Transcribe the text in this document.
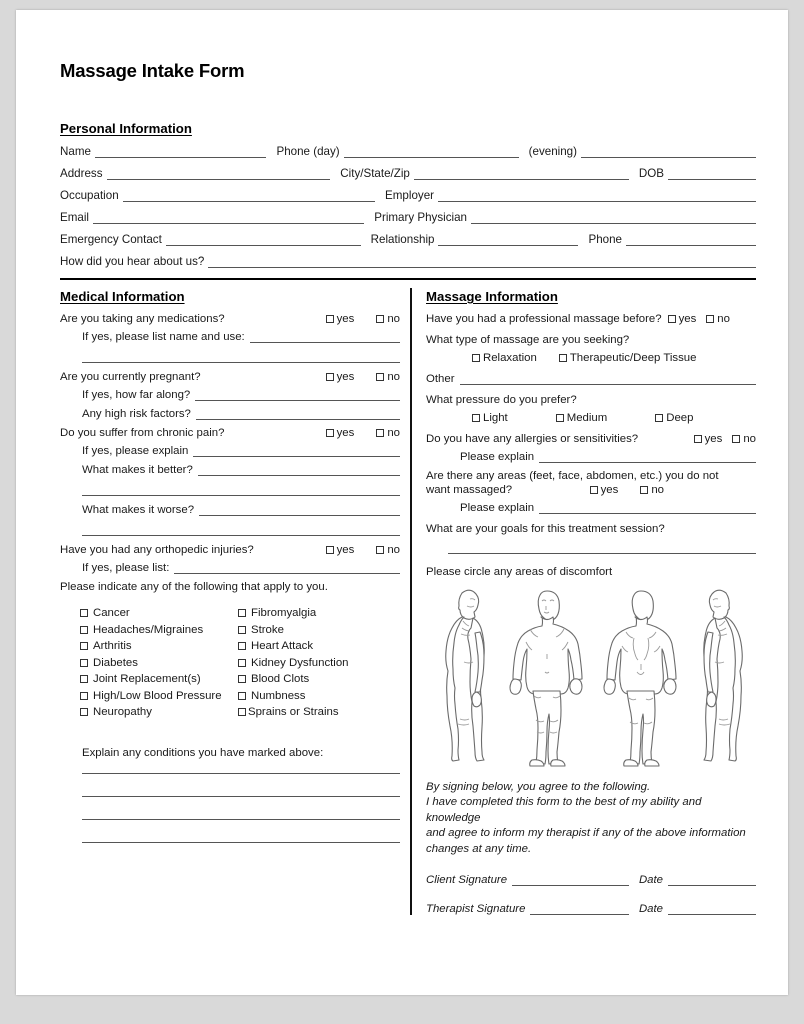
Massage Intake Form
Personal Information
Name	Phone (day)	(evening)
Address	City/State/Zip	DOB
Occupation	Employer
Email	Primary Physician
Emergency Contact	Relationship	Phone
How did you hear about us?
Medical Information
Are you taking any medications?	yes	no
If yes, please list name and use:
Are you currently pregnant?	yes	no
If yes, how far along?
Any high risk factors?
Do you suffer from chronic pain?	yes	no
If yes, please explain
What makes it better?
What makes it worse?
Have you had any orthopedic injuries?	yes	no
If yes, please list:
Please indicate any of the following that apply to you.
Cancer
Headaches/Migraines
Arthritis
Diabetes
Joint Replacement(s)
High/Low Blood Pressure
Neuropathy
Fibromyalgia
Stroke
Heart Attack
Kidney Dysfunction
Blood Clots
Numbness
Sprains or Strains
Explain any conditions you have marked above:
Massage Information
Have you had a professional massage before? yes no
What type of massage are you seeking?
Relaxation	Therapeutic/Deep Tissue
Other
What pressure do you prefer?
Light	Medium	Deep
Do you have any allergies or sensitivities?	yes no
Please explain
Are there any areas (feet, face, abdomen, etc.) you do not
want massaged?	yes	no
Please explain
What are your goals for this treatment session?
Please circle any areas of discomfort
By signing below, you agree to the following.
I have completed this form to the best of my ability and knowledge
and agree to inform my therapist if any of the above information
changes at any time.
Client Signature	Date
Therapist Signature	Date
